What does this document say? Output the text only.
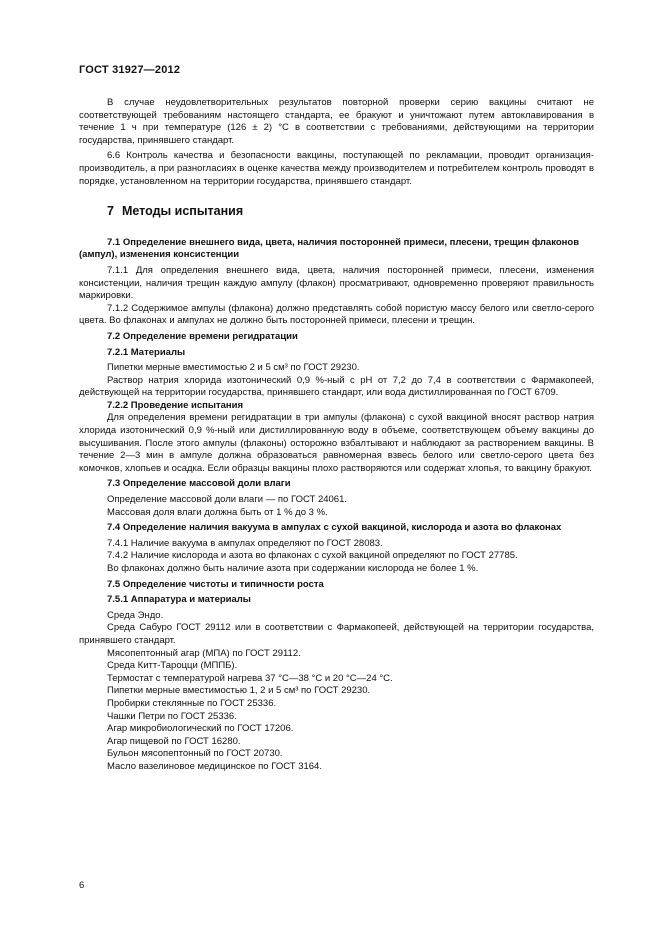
ГОСТ 31927—2012

В случае неудовлетворительных результатов повторной проверки серию вакцины считают не соответствующей требованиям настоящего стандарта, ее бракуют и уничтожают путем автоклавирования в течение 1 ч при температуре (126 ± 2) °С в соответствии с требованиями, действующими на территории государства, принявшего стандарт.

6.6 Контроль качества и безопасности вакцины, поступающей по рекламации, проводит организация-производитель, а при разногласиях в оценке качества между производителем и потребителем контроль проводят в порядке, установленном на территории государства, принявшего стандарт.

7 Методы испытания

7.1 Определение внешнего вида, цвета, наличия посторонней примеси, плесени, трещин флаконов (ампул), изменения консистенции

7.1.1 Для определения внешнего вида, цвета, наличия посторонней примеси, плесени, изменения консистенции, наличия трещин каждую ампулу (флакон) просматривают, одновременно проверяют правильность маркировки.

7.1.2 Содержимое ампулы (флакона) должно представлять собой пористую массу белого или светло-серого цвета. Во флаконах и ампулах не должно быть посторонней примеси, плесени и трещин.

7.2 Определение времени регидратации

7.2.1 Материалы

Пипетки мерные вместимостью 2 и 5 см³ по ГОСТ 29230.

Раствор натрия хлорида изотонический 0,9 %-ный с рН от 7,2 до 7,4 в соответствии с Фармакопеей, действующей на территории государства, принявшего стандарт, или вода дистиллированная по ГОСТ 6709.

7.2.2 Проведение испытания

Для определения времени регидратации в три ампулы (флакона) с сухой вакциной вносят раствор натрия хлорида изотонический 0,9 %-ный или дистиллированную воду в объеме, соответствующем объему вакцины до высушивания. После этого ампулы (флаконы) осторожно взбалтывают и наблюдают за растворением вакцины. В течение 2—3 мин в ампуле должна образоваться равномерная взвесь белого или светло-серого цвета без комочков, хлопьев и осадка. Если образцы вакцины плохо растворяются или содержат хлопья, то вакцину бракуют.

7.3 Определение массовой доли влаги

Определение массовой доли влаги — по ГОСТ 24061.

Массовая доля влаги должна быть от 1 % до 3 %.

7.4 Определение наличия вакуума в ампулах с сухой вакциной, кислорода и азота во флаконах

7.4.1 Наличие вакуума в ампулах определяют по ГОСТ 28083.

7.4.2 Наличие кислорода и азота во флаконах с сухой вакциной определяют по ГОСТ 27785.

Во флаконах должно быть наличие азота при содержании кислорода не более 1 %.

7.5 Определение чистоты и типичности роста

7.5.1 Аппаратура и материалы

Среда Эндо.

Среда Сабуро ГОСТ 29112 или в соответствии с Фармакопеей, действующей на территории государства, принявшего стандарт.

Мясопептонный агар (МПА) по ГОСТ 29112.

Среда Китт-Тароцци (МППБ).

Термостат с температурой нагрева 37 °С—38 °С и 20 °С—24 °С.

Пипетки мерные вместимостью 1, 2 и 5 см³ по ГОСТ 29230.

Пробирки стеклянные по ГОСТ 25336.

Чашки Петри по ГОСТ 25336.

Агар микробиологический по ГОСТ 17206.

Агар пищевой по ГОСТ 16280.

Бульон мясопептонный по ГОСТ 20730.

Масло вазелиновое медицинское по ГОСТ 3164.

6
